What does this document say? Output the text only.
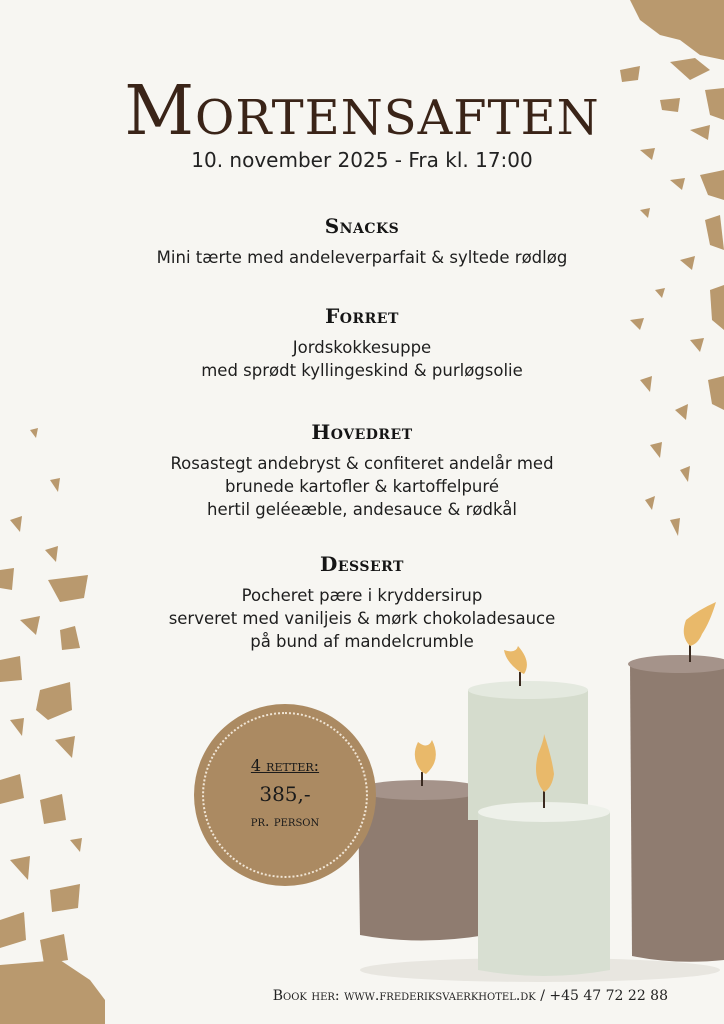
Mortensaften

10. november 2025 - Fra kl. 17:00

Snacks

Mini tærte med andeleverparfait & syltede rødløg

Forret

Jordskokkesuppe

med sprødt kyllingeskind & purløgsolie

Hovedret

Rosastegt andebryst & confiteret andelår med

brunede kartofler & kartoffelpuré

hertil geléeæble, andesauce & rødkål

Dessert

Pocheret pære i kryddersirup

serveret med vaniljeis & mørk chokoladesauce

på bund af mandelcrumble

4 retter:
385,-
pr. person
Book her: www.frederiksvaerkhotel.dk / +45 47 72 22 88
